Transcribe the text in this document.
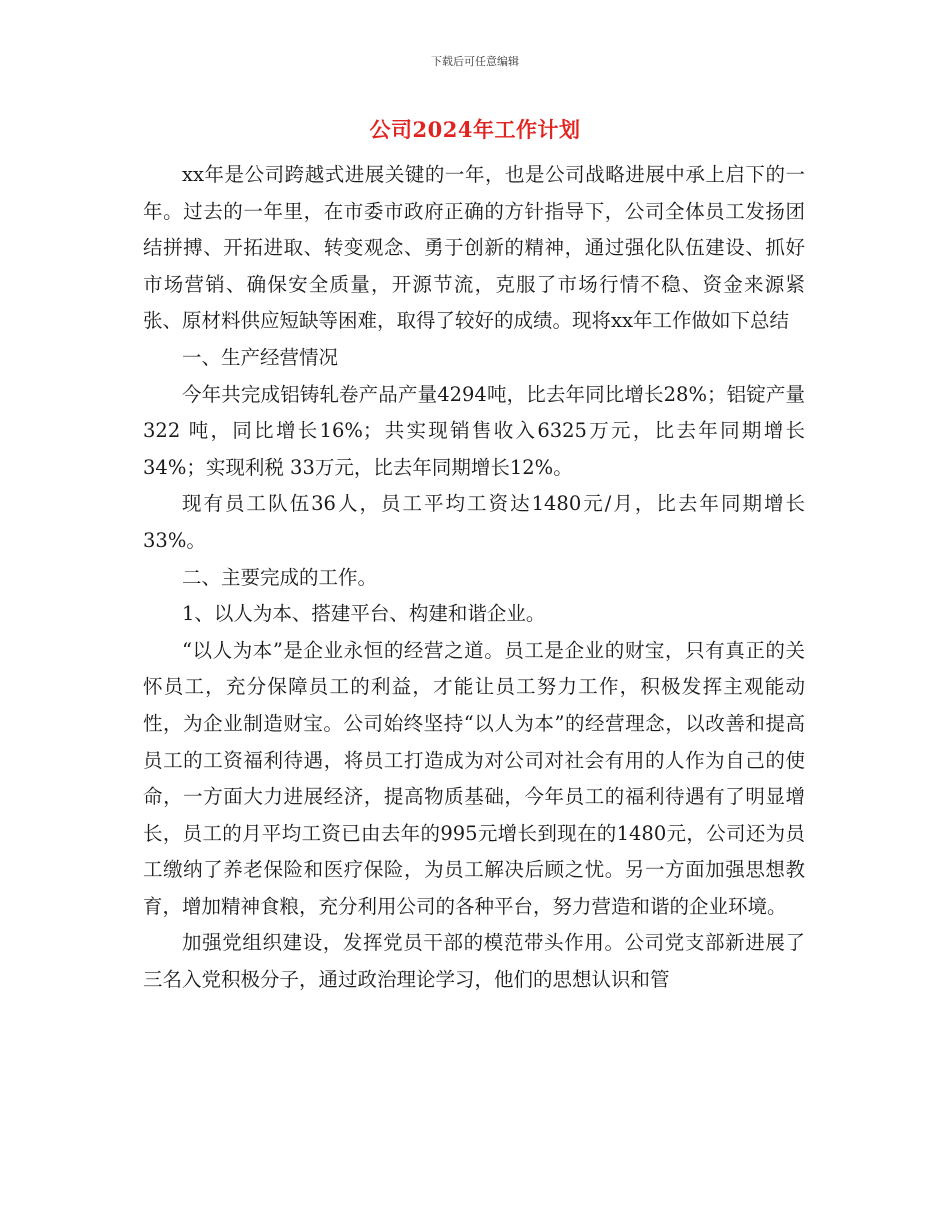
下载后可任意编辑
公司2024年工作计划

xx年是公司跨越式进展关键的一年，也是公司战略进展中承上启下的一年。过去的一年里，在市委市政府正确的方针指导下，公司全体员工发扬团结拼搏、开拓进取、转变观念、勇于创新的精神，通过强化队伍建设、抓好市场营销、确保安全质量，开源节流，克服了市场行情不稳、资金来源紧张、原材料供应短缺等困难，取得了较好的成绩。现将xx年工作做如下总结

一、生产经营情况

今年共完成铝铸轧卷产品产量4294吨，比去年同比增长28%；铝锭产量 322 吨，同比增长16%；共实现销售收入6325万元，比去年同期增长34%；实现利税 33万元，比去年同期增长12%。

现有员工队伍36人，员工平均工资达1480元/月，比去年同期增长33%。

二、主要完成的工作。

1、以人为本、搭建平台、构建和谐企业。

“以人为本”是企业永恒的经营之道。员工是企业的财宝，只有真正的关怀员工，充分保障员工的利益，才能让员工努力工作，积极发挥主观能动性，为企业制造财宝。公司始终坚持“以人为本”的经营理念，以改善和提高员工的工资福利待遇，将员工打造成为对公司对社会有用的人作为自己的使命，一方面大力进展经济，提高物质基础，今年员工的福利待遇有了明显增长，员工的月平均工资已由去年的995元增长到现在的1480元，公司还为员工缴纳了养老保险和医疗保险，为员工解决后顾之忧。另一方面加强思想教育，增加精神食粮，充分利用公司的各种平台，努力营造和谐的企业环境。

加强党组织建设，发挥党员干部的模范带头作用。公司党支部新进展了三名入党积极分子，通过政治理论学习，他们的思想认识和管
